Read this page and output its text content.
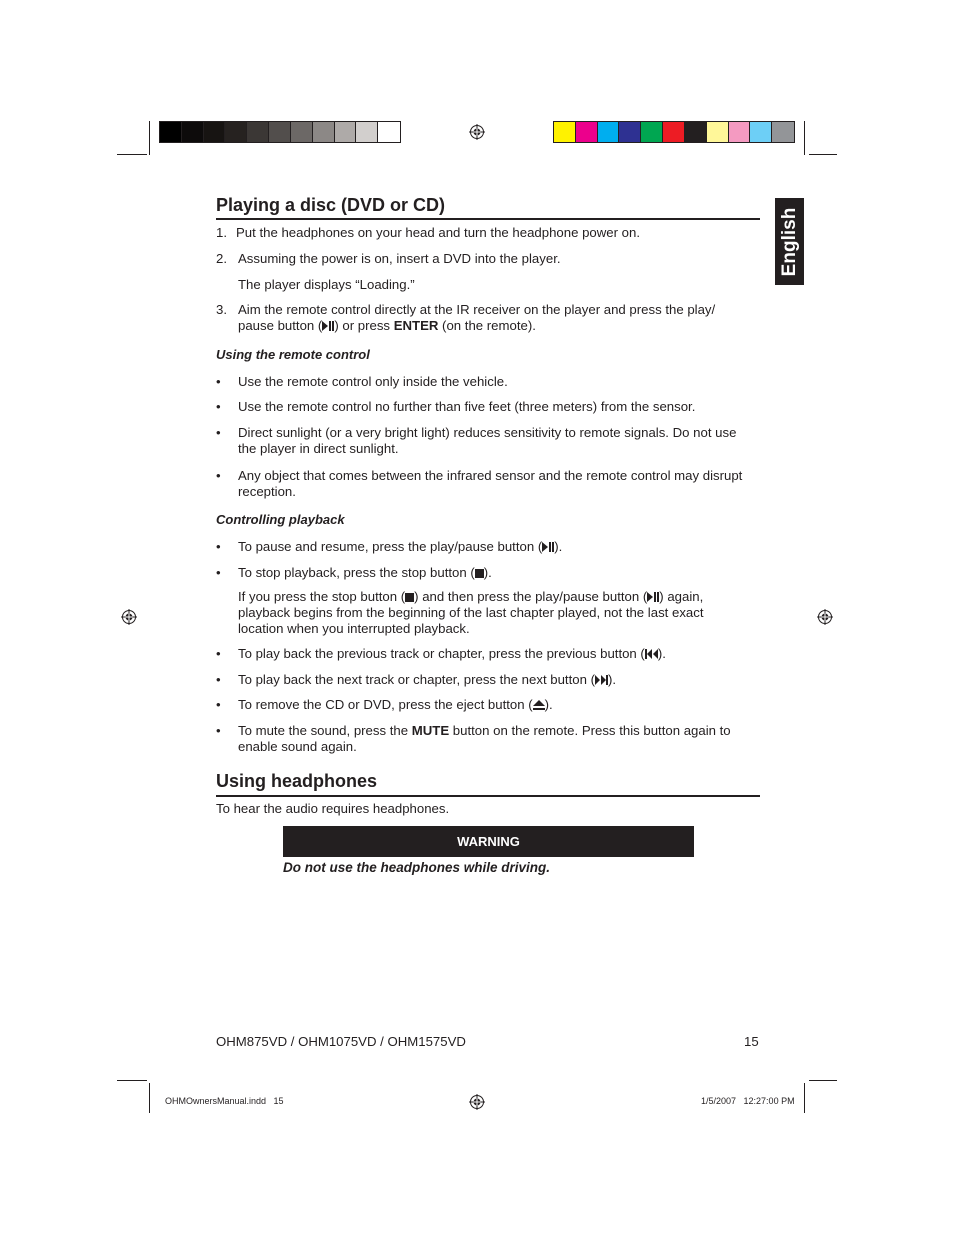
English
Playing a disc (DVD or CD)
1. Put the headphones on your head and turn the headphone power on.
2. Assuming the power is on, insert a DVD into the player.
The player displays “Loading.”
3. Aim the remote control directly at the IR receiver on the player and press the play/ pause button ( ) or press ENTER (on the remote).
Using the remote control
•	Use the remote control only inside the vehicle.
•	Use the remote control no further than five feet (three meters) from the sensor.
•	Direct sunlight (or a very bright light) reduces sensitivity to remote signals. Do not use the player in direct sunlight.
•	Any object that comes between the infrared sensor and the remote control may disrupt reception.
Controlling playback
•	To pause and resume, press the play/pause button ( ).
•	To stop playback, press the stop button ( ).
If you press the stop button ( ) and then press the play/pause button ( ) again, playback begins from the beginning of the last chapter played, not the last exact location when you interrupted playback.
•	To play back the previous track or chapter, press the previous button ( ).
•	To play back the next track or chapter, press the next button ( ).
•	To remove the CD or DVD, press the eject button ( ).
•	To mute the sound, press the MUTE button on the remote. Press this button again to enable sound again.
Using headphones
To hear the audio requires headphones.
WARNING
Do not use the headphones while driving.
OHM875VD / OHM1075VD / OHM1575VD	15
OHMOwnersManual.indd   15	1/5/2007   12:27:00 PM
